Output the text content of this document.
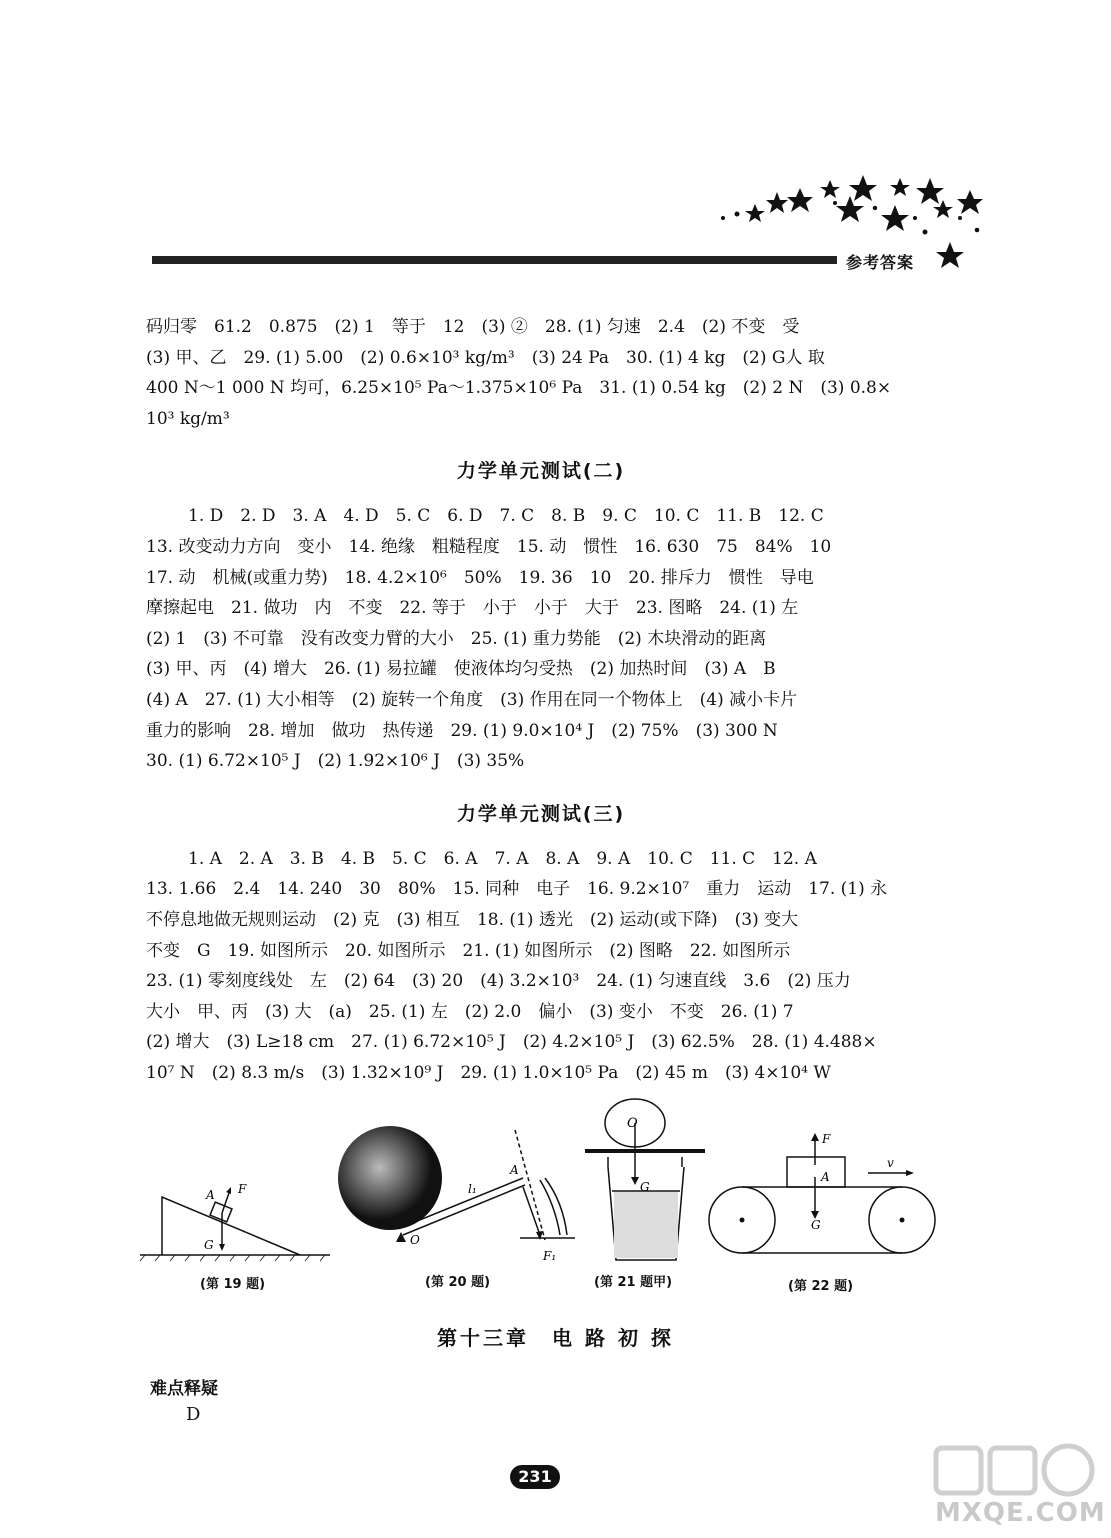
参考答案

码归零　61.2　0.875　(2) 1　等于　12　(3) ②　28. (1) 匀速　2.4　(2) 不变　受

(3) 甲、乙　29. (1) 5.00　(2) 0.6×10³ kg/m³　(3) 24 Pa　30. (1) 4 kg　(2) G人 取

400 N～1 000 N 均可，6.25×10⁵ Pa～1.375×10⁶ Pa　31. (1) 0.54 kg　(2) 2 N　(3) 0.8×

10³ kg/m³

力学单元测试(二)

1. D　2. D　3. A　4. D　5. C　6. D　7. C　8. B　9. C　10. C　11. B　12. C

13. 改变动力方向　变小　14. 绝缘　粗糙程度　15. 动　惯性　16. 630　75　84%　10

17. 动　机械(或重力势)　18. 4.2×10⁶　50%　19. 36　10　20. 排斥力　惯性　导电

摩擦起电　21. 做功　内　不变　22. 等于　小于　小于　大于　23. 图略　24. (1) 左

(2) 1　(3) 不可靠　没有改变力臂的大小　25. (1) 重力势能　(2) 木块滑动的距离

(3) 甲、丙　(4) 增大　26. (1) 易拉罐　使液体均匀受热　(2) 加热时间　(3) A　B

(4) A　27. (1) 大小相等　(2) 旋转一个角度　(3) 作用在同一个物体上　(4) 减小卡片

重力的影响　28. 增加　做功　热传递　29. (1) 9.0×10⁴ J　(2) 75%　(3) 300 N

30. (1) 6.72×10⁵ J　(2) 1.92×10⁶ J　(3) 35%

力学单元测试(三)

1. A　2. A　3. B　4. B　5. C　6. A　7. A　8. A　9. A　10. C　11. C　12. A

13. 1.66　2.4　14. 240　30　80%　15. 同种　电子　16. 9.2×10⁷　重力　运动　17. (1) 永

不停息地做无规则运动　(2) 克　(3) 相互　18. (1) 透光　(2) 运动(或下降)　(3) 变大

不变　G　19. 如图所示　20. 如图所示　21. (1) 如图所示　(2) 图略　22. 如图所示

23. (1) 零刻度线处　左　(2) 64　(3) 20　(4) 3.2×10³　24. (1) 匀速直线　3.6　(2) 压力

大小　甲、丙　(3) 大　(a)　25. (1) 左　(2) 2.0　偏小　(3) 变小　不变　26. (1) 7

(2) 增大　(3) L≥18 cm　27. (1) 6.72×10⁵ J　(2) 4.2×10⁵ J　(3) 62.5%　28. (1) 4.488×

10⁷ N　(2) 8.3 m/s　(3) 1.32×10⁹ J　29. (1) 1.0×10⁵ Pa　(2) 45 m　(3) 4×10⁴ W

A F
G	O
l₁
A
F₁
O
G
F
A
G
v
(第 19 题)	(第 20 题)	(第 21 题甲)	(第 22 题)
第十三章　电 路 初 探
难点释疑
D
231
MXQE.COM
